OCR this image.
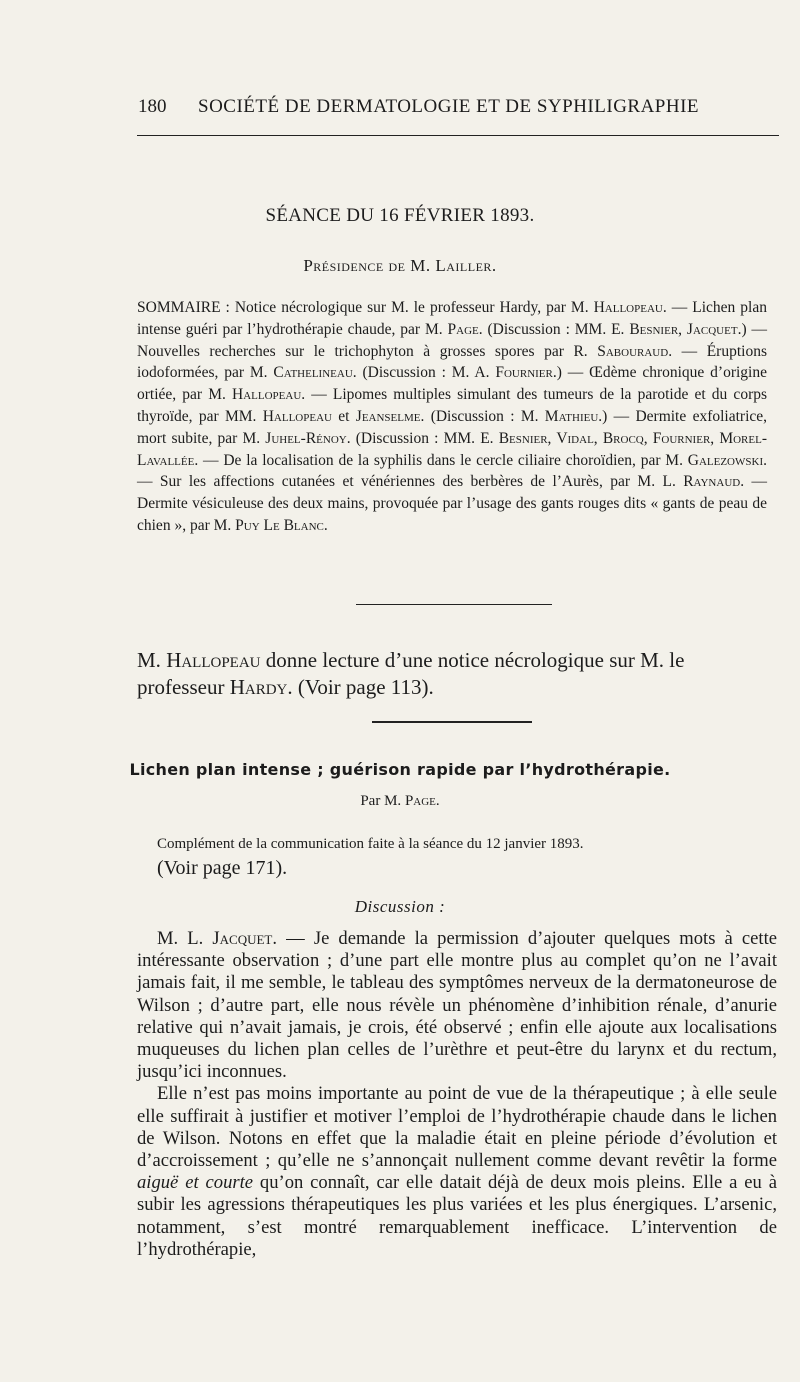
180 SOCIÉTÉ DE DERMATOLOGIE ET DE SYPHILIGRAPHIE
SÉANCE DU 16 FÉVRIER 1893.
Présidence de M. Lailler.
SOMMAIRE : Notice nécrologique sur M. le professeur Hardy, par M. Hallopeau. — Lichen plan intense guéri par l’hydrothérapie chaude, par M. Page. (Discussion : MM. E. Besnier, Jacquet.) — Nouvelles recherches sur le trichophyton à grosses spores par R. Sabouraud. — Éruptions iodoformées, par M. Cathelineau. (Discussion : M. A. Fournier.) — Œdème chronique d’origine ortiée, par M. Hallopeau. — Lipomes multiples simulant des tumeurs de la parotide et du corps thyroïde, par MM. Hallopeau et Jeanselme. (Discussion : M. Mathieu.) — Dermite exfoliatrice, mort subite, par M. Juhel-Rénoy. (Discussion : MM. E. Besnier, Vidal, Brocq, Fournier, Morel-Lavallée. — De la localisation de la syphilis dans le cercle ciliaire choroïdien, par M. Galezowski. — Sur les affections cutanées et vénériennes des berbères de l’Aurès, par M. L. Raynaud. — Dermite vésiculeuse des deux mains, provoquée par l’usage des gants rouges dits « gants de peau de chien », par M. Puy Le Blanc.
M. Hallopeau donne lecture d’une notice nécrologique sur M. le professeur Hardy. (Voir page 113).
Lichen plan intense ; guérison rapide par l’hydrothérapie.
Par M. Page.
Complément de la communication faite à la séance du 12 janvier 1893.
(Voir page 171).
Discussion :

M. L. Jacquet. — Je demande la permission d’ajouter quelques mots à cette intéressante observation ; d’une part elle montre plus au complet qu’on ne l’avait jamais fait, il me semble, le tableau des symptômes nerveux de la dermatoneurose de Wilson ; d’autre part, elle nous révèle un phénomène d’inhibition rénale, d’anurie relative qui n’avait jamais, je crois, été observé ; enfin elle ajoute aux localisations muqueuses du lichen plan celles de l’urèthre et peut-être du larynx et du rectum, jusqu’ici inconnues.

Elle n’est pas moins importante au point de vue de la thérapeutique ; à elle seule elle suffirait à justifier et motiver l’emploi de l’hydrothérapie chaude dans le lichen de Wilson. Notons en effet que la maladie était en pleine période d’évolution et d’accroissement ; qu’elle ne s’annonçait nullement comme devant revêtir la forme aiguë et courte qu’on connaît, car elle datait déjà de deux mois pleins. Elle a eu à subir les agressions thérapeutiques les plus variées et les plus énergiques. L’arsenic, notamment, s’est montré remarquablement inefficace. L’intervention de l’hydrothérapie,
